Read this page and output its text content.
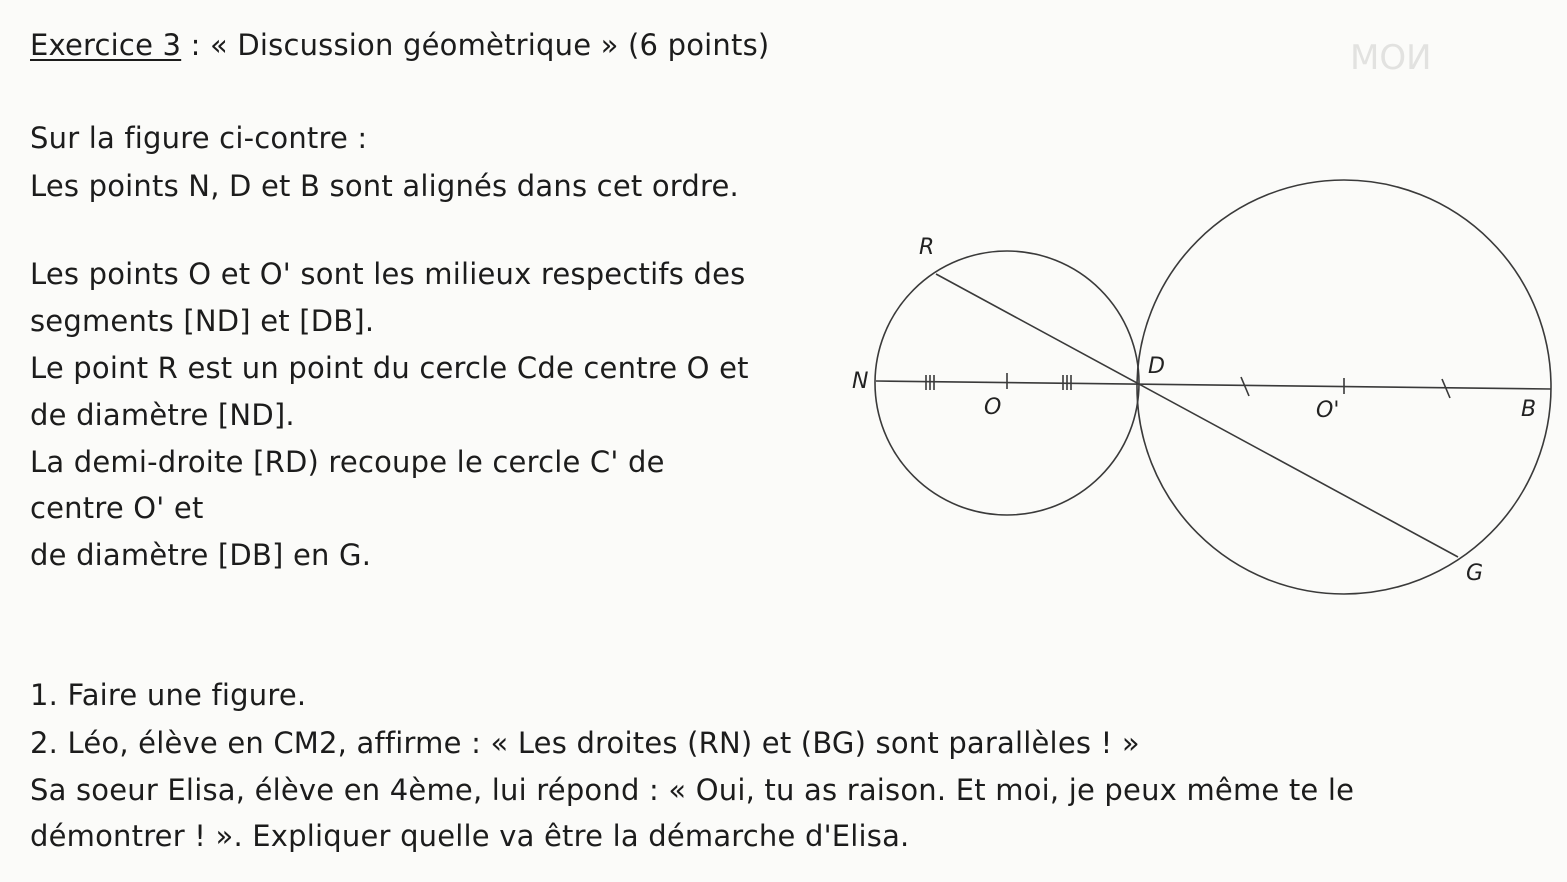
NOM
Exercice 3 : « Discussion géomètrique » (6 points)

Sur la figure ci-contre :

Les points N, D et B sont alignés dans cet ordre.

Les points O et O' sont les milieux respectifs des

segments [ND] et [DB].

Le point R est un point du cercle Cde centre O et

de diamètre [ND].

La demi-droite [RD) recoupe le cercle C' de

centre O' et

de diamètre [DB] en G.

1. Faire une figure.

2. Léo, élève en CM2, affirme : « Les droites (RN) et (BG) sont parallèles ! »

Sa soeur Elisa, élève en 4ème, lui répond : « Oui, tu as raison. Et moi, je peux même te le

démontrer ! ». Expliquer quelle va être la démarche d'Elisa.

R
N
D
O	O'	B
G
